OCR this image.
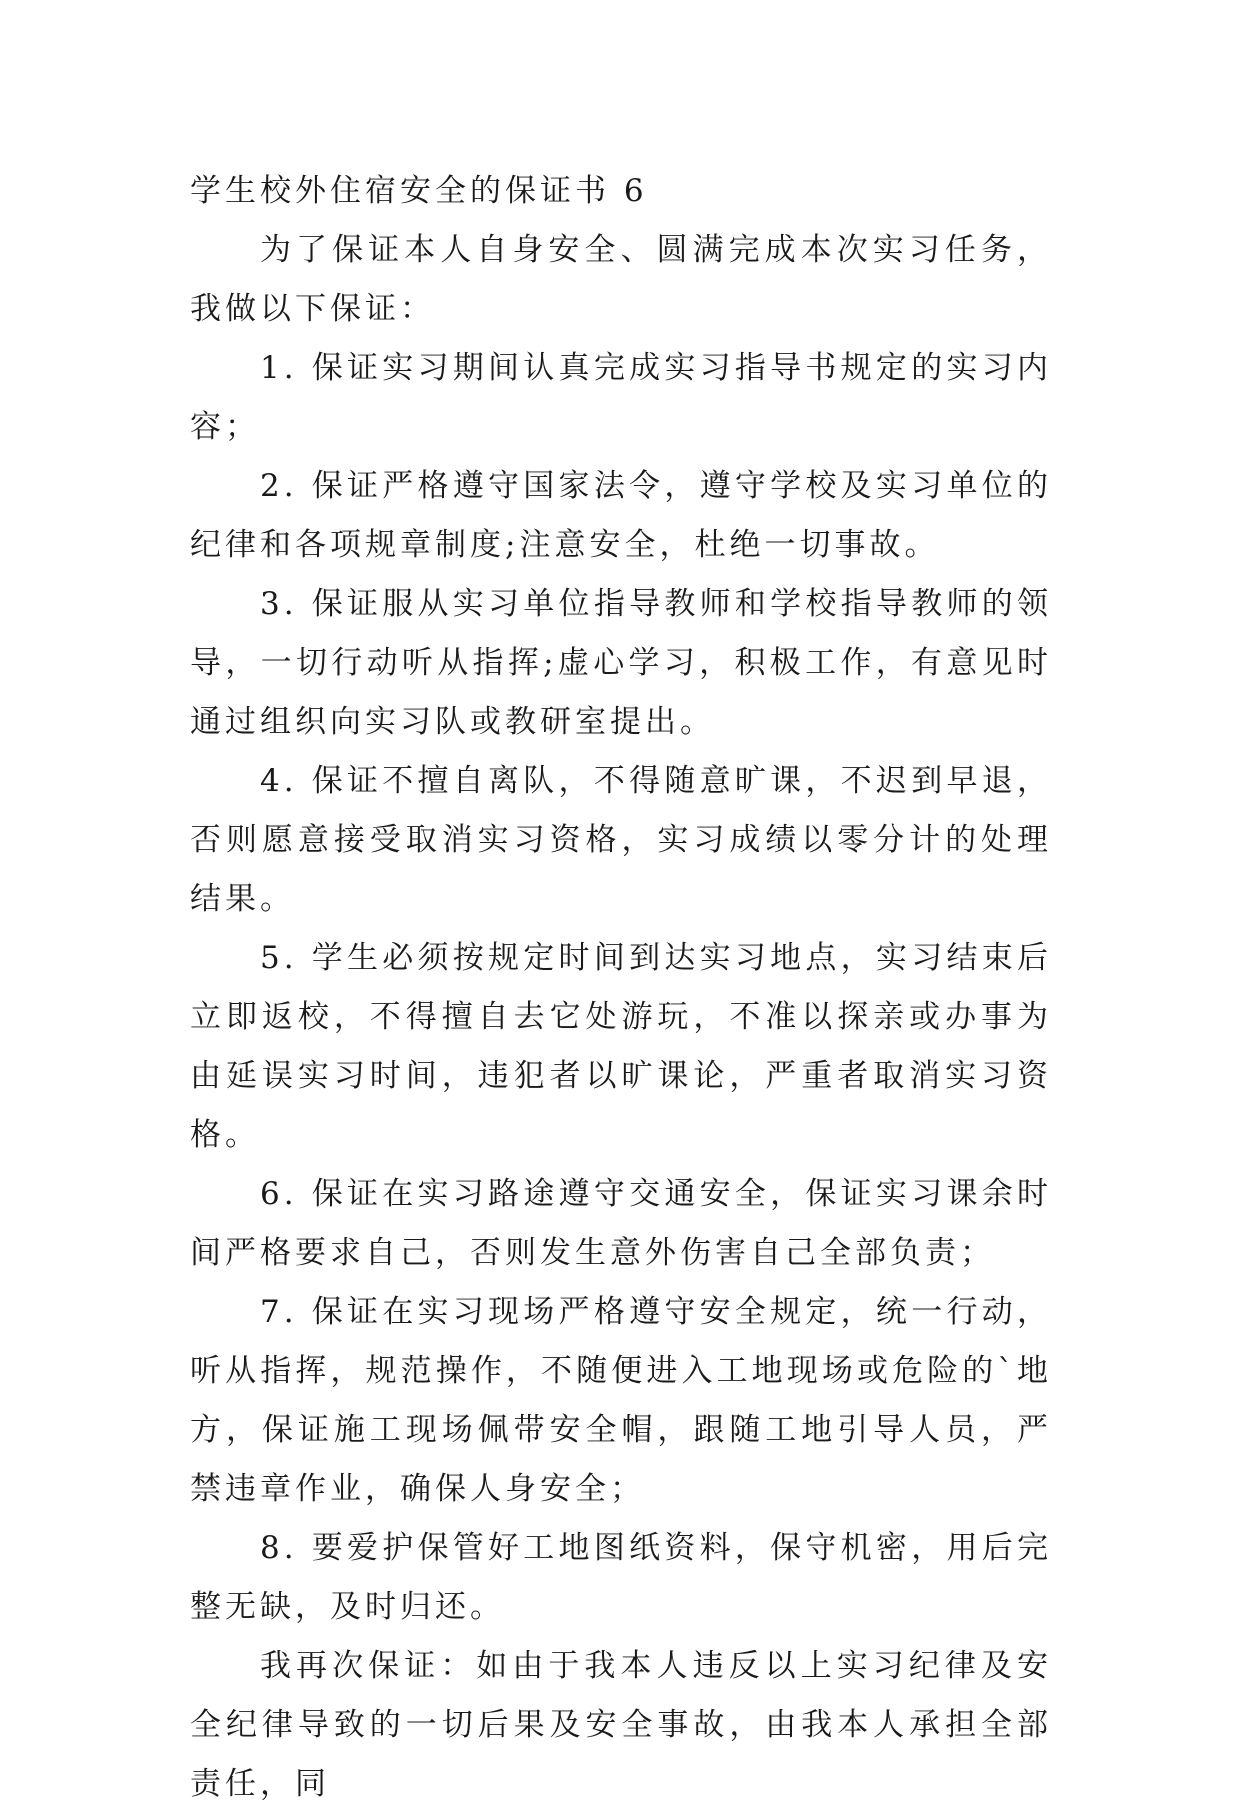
学生校外住宿安全的保证书 6

为了保证本人自身安全、圆满完成本次实习任务，我做以下保证：

1. 保证实习期间认真完成实习指导书规定的实习内容；

2. 保证严格遵守国家法令，遵守学校及实习单位的纪律和各项规章制度;注意安全，杜绝一切事故。

3. 保证服从实习单位指导教师和学校指导教师的领导，一切行动听从指挥;虚心学习，积极工作，有意见时通过组织向实习队或教研室提出。

4. 保证不擅自离队，不得随意旷课，不迟到早退，否则愿意接受取消实习资格，实习成绩以零分计的处理结果。

5. 学生必须按规定时间到达实习地点，实习结束后立即返校，不得擅自去它处游玩，不准以探亲或办事为由延误实习时间，违犯者以旷课论，严重者取消实习资格。

6. 保证在实习路途遵守交通安全，保证实习课余时间严格要求自己，否则发生意外伤害自己全部负责；

7. 保证在实习现场严格遵守安全规定，统一行动，听从指挥，规范操作，不随便进入工地现场或危险的`地方，保证施工现场佩带安全帽，跟随工地引导人员，严禁违章作业，确保人身安全；

8. 要爱护保管好工地图纸资料，保守机密，用后完整无缺，及时归还。

我再次保证：如由于我本人违反以上实习纪律及安全纪律导致的一切后果及安全事故，由我本人承担全部责任，同
